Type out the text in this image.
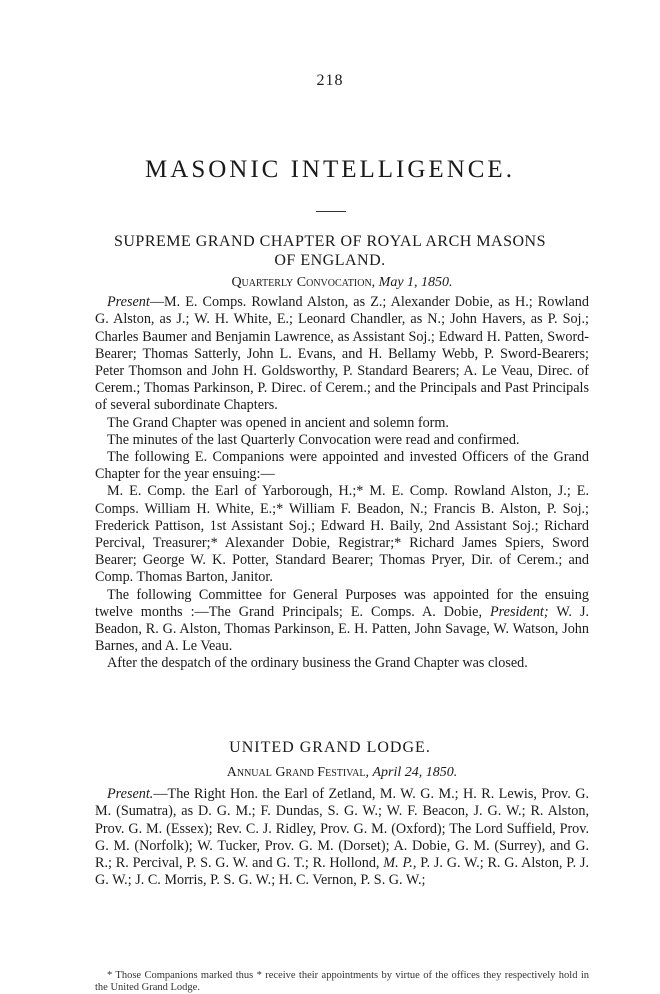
218
MASONIC INTELLIGENCE.
SUPREME GRAND CHAPTER OF ROYAL ARCH MASONS
OF ENGLAND.
Quarterly Convocation, May 1, 1850.

Present—M. E. Comps. Rowland Alston, as Z.; Alexander Dobie, as H.; Rowland G. Alston, as J.; W. H. White, E.; Leonard Chandler, as N.; John Havers, as P. Soj.; Charles Baumer and Benjamin Lawrence, as Assistant Soj.; Edward H. Patten, Sword-Bearer; Thomas Satterly, John L. Evans, and H. Bellamy Webb, P. Sword-Bearers; Peter Thomson and John H. Goldsworthy, P. Standard Bearers; A. Le Veau, Direc. of Cerem.; Thomas Parkinson, P. Direc. of Cerem.; and the Principals and Past Principals of several subordinate Chapters.

The Grand Chapter was opened in ancient and solemn form.

The minutes of the last Quarterly Convocation were read and confirmed.

The following E. Companions were appointed and invested Officers of the Grand Chapter for the year ensuing:—

M. E. Comp. the Earl of Yarborough, H.;* M. E. Comp. Rowland Alston, J.; E. Comps. William H. White, E.;* William F. Beadon, N.; Francis B. Alston, P. Soj.; Frederick Pattison, 1st Assistant Soj.; Edward H. Baily, 2nd Assistant Soj.; Richard Percival, Treasurer;* Alexander Dobie, Registrar;* Richard James Spiers, Sword Bearer; George W. K. Potter, Standard Bearer; Thomas Pryer, Dir. of Cerem.; and Comp. Thomas Barton, Janitor.

The following Committee for General Purposes was appointed for the ensuing twelve months :—The Grand Principals; E. Comps. A. Dobie, President; W. J. Beadon, R. G. Alston, Thomas Parkinson, E. H. Patten, John Savage, W. Watson, John Barnes, and A. Le Veau.

After the despatch of the ordinary business the Grand Chapter was closed.

UNITED GRAND LODGE.
Annual Grand Festival, April 24, 1850.

Present.—The Right Hon. the Earl of Zetland, M. W. G. M.; H. R. Lewis, Prov. G. M. (Sumatra), as D. G. M.; F. Dundas, S. G. W.; W. F. Beacon, J. G. W.; R. Alston, Prov. G. M. (Essex); Rev. C. J. Ridley, Prov. G. M. (Oxford); The Lord Suffield, Prov. G. M. (Norfolk); W. Tucker, Prov. G. M. (Dorset); A. Dobie, G. M. (Surrey), and G. R.; R. Percival, P. S. G. W. and G. T.; R. Hollond, M. P., P. J. G. W.; R. G. Alston, P. J. G. W.; J. C. Morris, P. S. G. W.; H. C. Vernon, P. S. G. W.;

* Those Companions marked thus * receive their appointments by virtue of the offices they respectively hold in the United Grand Lodge.
